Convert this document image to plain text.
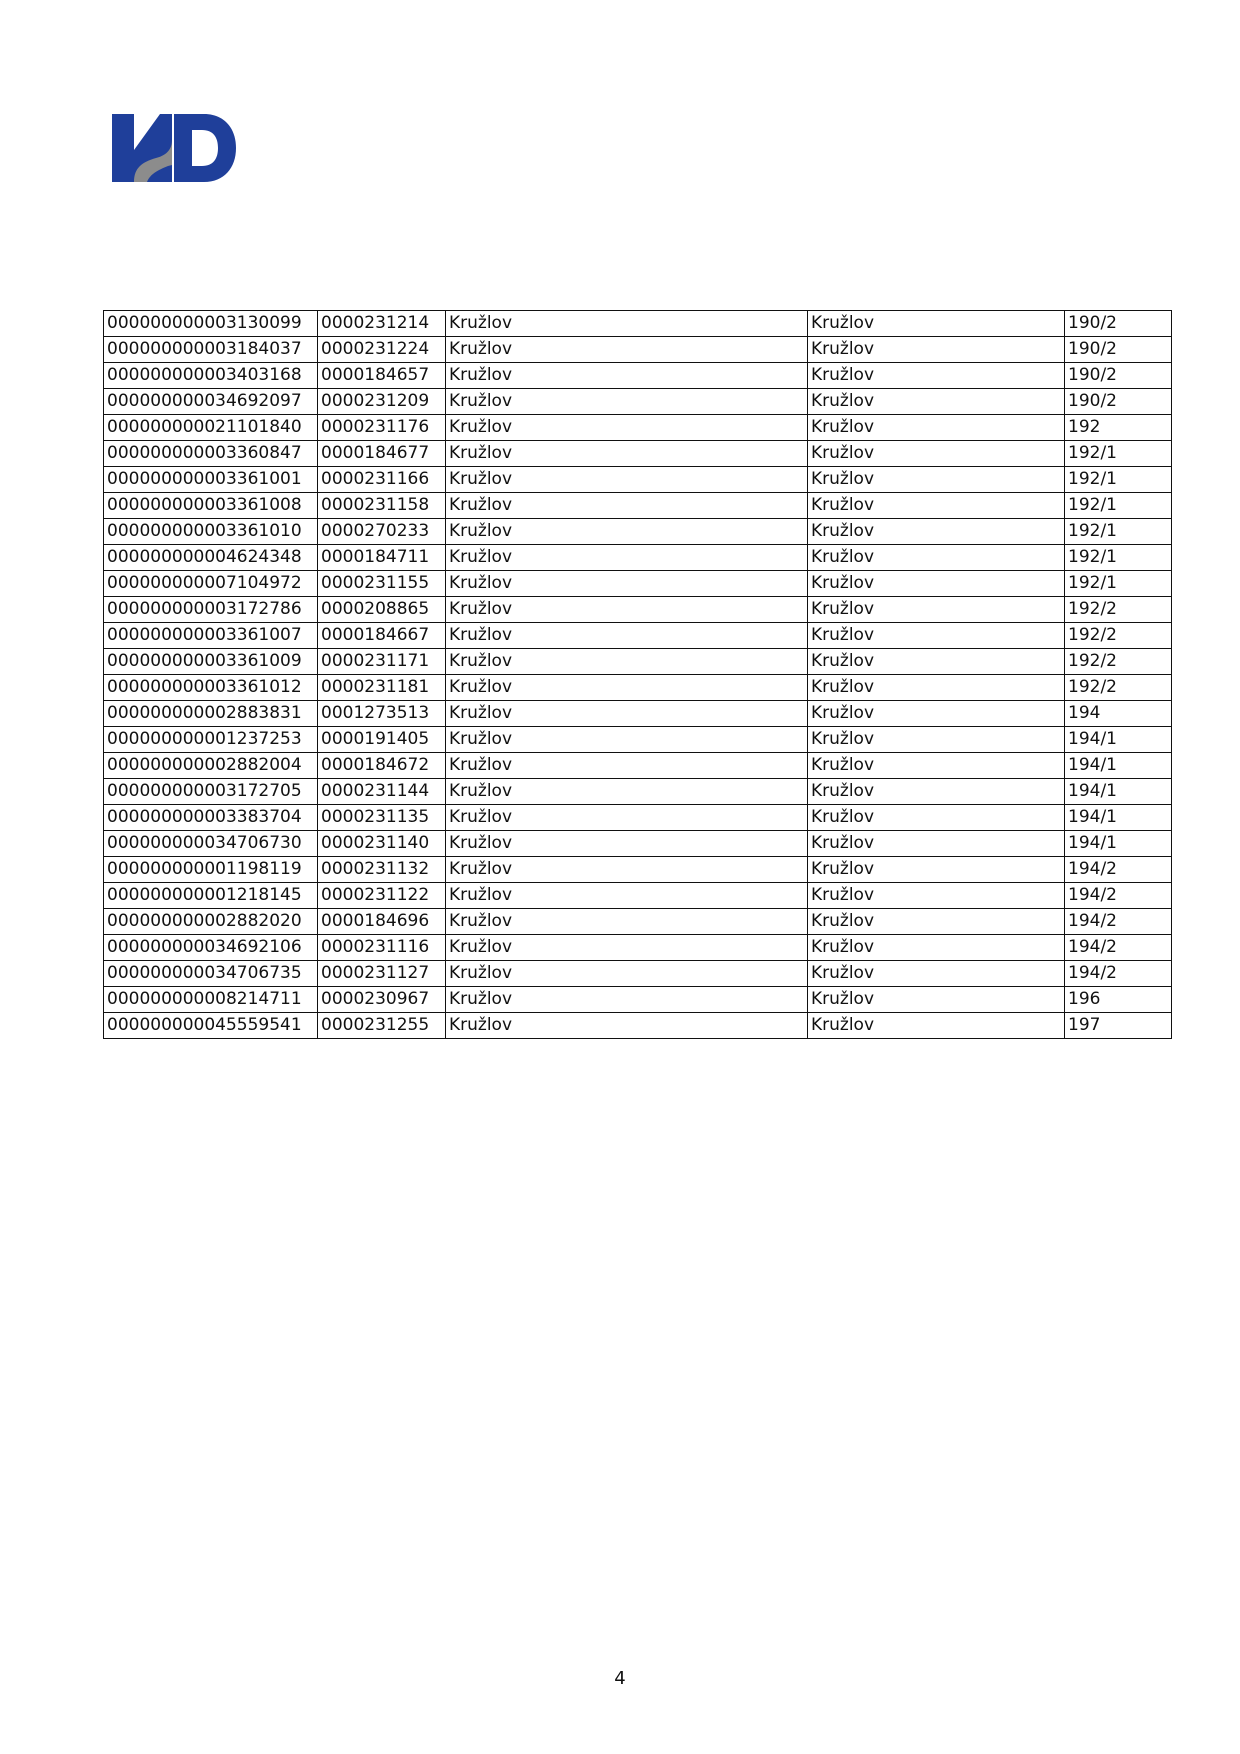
000000000003130099	0000231214	Kružlov	Kružlov	190/2
000000000003184037	0000231224	Kružlov	Kružlov	190/2
000000000003403168	0000184657	Kružlov	Kružlov	190/2
000000000034692097	0000231209	Kružlov	Kružlov	190/2
000000000021101840	0000231176	Kružlov	Kružlov	192
000000000003360847	0000184677	Kružlov	Kružlov	192/1
000000000003361001	0000231166	Kružlov	Kružlov	192/1
000000000003361008	0000231158	Kružlov	Kružlov	192/1
000000000003361010	0000270233	Kružlov	Kružlov	192/1
000000000004624348	0000184711	Kružlov	Kružlov	192/1
000000000007104972	0000231155	Kružlov	Kružlov	192/1
000000000003172786	0000208865	Kružlov	Kružlov	192/2
000000000003361007	0000184667	Kružlov	Kružlov	192/2
000000000003361009	0000231171	Kružlov	Kružlov	192/2
000000000003361012	0000231181	Kružlov	Kružlov	192/2
000000000002883831	0001273513	Kružlov	Kružlov	194
000000000001237253	0000191405	Kružlov	Kružlov	194/1
000000000002882004	0000184672	Kružlov	Kružlov	194/1
000000000003172705	0000231144	Kružlov	Kružlov	194/1
000000000003383704	0000231135	Kružlov	Kružlov	194/1
000000000034706730	0000231140	Kružlov	Kružlov	194/1
000000000001198119	0000231132	Kružlov	Kružlov	194/2
000000000001218145	0000231122	Kružlov	Kružlov	194/2
000000000002882020	0000184696	Kružlov	Kružlov	194/2
000000000034692106	0000231116	Kružlov	Kružlov	194/2
000000000034706735	0000231127	Kružlov	Kružlov	194/2
000000000008214711	0000230967	Kružlov	Kružlov	196
000000000045559541	0000231255	Kružlov	Kružlov	197
4
